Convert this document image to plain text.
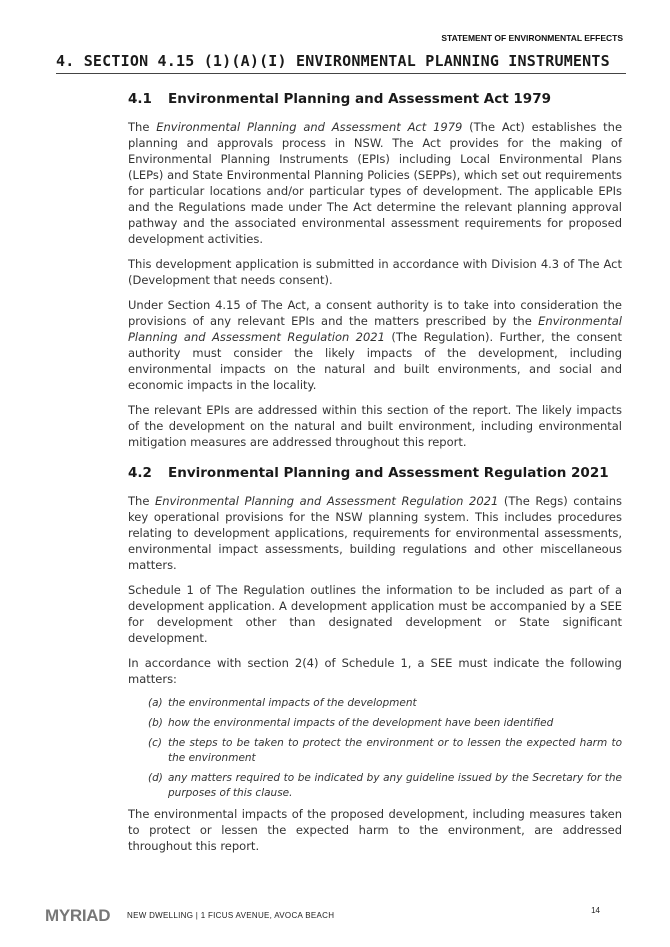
STATEMENT OF ENVIRONMENTAL EFFECTS
4. SECTION 4.15 (1)(A)(I) ENVIRONMENTAL PLANNING INSTRUMENTS
4.1 Environmental Planning and Assessment Act 1979

The Environmental Planning and Assessment Act 1979 (The Act) establishes the planning and approvals process in NSW. The Act provides for the making of Environmental Planning Instruments (EPIs) including Local Environmental Plans (LEPs) and State Environmental Planning Policies (SEPPs), which set out requirements for particular locations and/or particular types of development. The applicable EPIs and the Regulations made under The Act determine the relevant planning approval pathway and the associated environmental assessment requirements for proposed development activities.

This development application is submitted in accordance with Division 4.3 of The Act (Development that needs consent).

Under Section 4.15 of The Act, a consent authority is to take into consideration the provisions of any relevant EPIs and the matters prescribed by the Environmental Planning and Assessment Regulation 2021 (The Regulation). Further, the consent authority must consider the likely impacts of the development, including environmental impacts on the natural and built environments, and social and economic impacts in the locality.

The relevant EPIs are addressed within this section of the report. The likely impacts of the development on the natural and built environment, including environmental mitigation measures are addressed throughout this report.

4.2 Environmental Planning and Assessment Regulation 2021

The Environmental Planning and Assessment Regulation 2021 (The Regs) contains key operational provisions for the NSW planning system. This includes procedures relating to development applications, requirements for environmental assessments, environmental impact assessments, building regulations and other miscellaneous matters.

Schedule 1 of The Regulation outlines the information to be included as part of a development application. A development application must be accompanied by a SEE for development other than designated development or State significant development.

In accordance with section 2(4) of Schedule 1, a SEE must indicate the following matters:

(a) the environmental impacts of the development
(b) how the environmental impacts of the development have been identified
(c) the steps to be taken to protect the environment or to lessen the expected harm to the environment
(d) any matters required to be indicated by any guideline issued by the Secretary for the purposes of this clause.

The environmental impacts of the proposed development, including measures taken to protect or lessen the expected harm to the environment, are addressed throughout this report.

MYRIAD NEW DWELLING | 1 FICUS AVENUE, AVOCA BEACH
14
